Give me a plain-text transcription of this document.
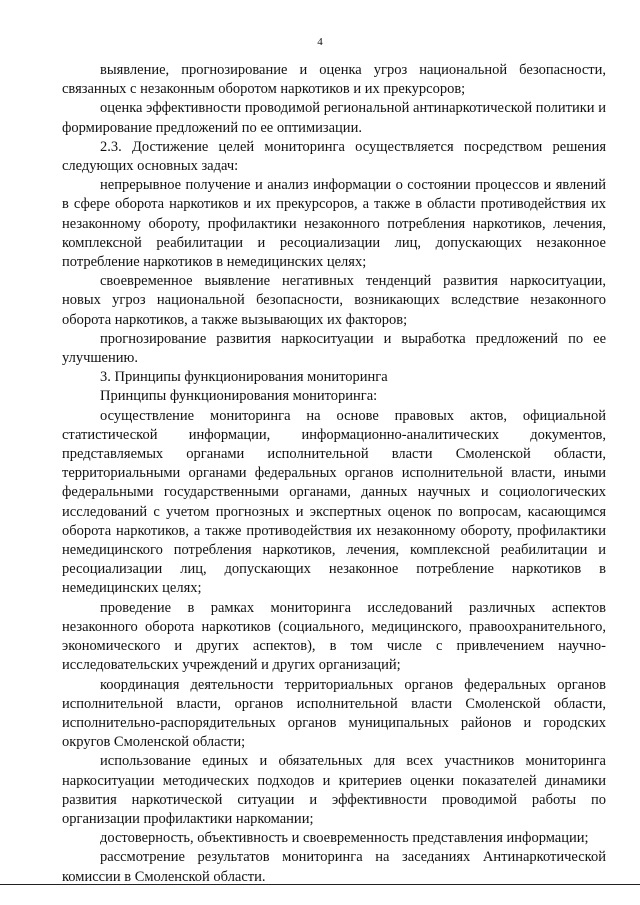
4

выявление, прогнозирование и оценка угроз национальной безопасности, связанных с незаконным оборотом наркотиков и их прекурсоров;

оценка эффективности проводимой региональной антинаркотической политики и формирование предложений по ее оптимизации.

2.3. Достижение целей мониторинга осуществляется посредством решения следующих основных задач:

непрерывное получение и анализ информации о состоянии процессов и явлений в сфере оборота наркотиков и их прекурсоров, а также в области противодействия их незаконному обороту, профилактики незаконного потребления наркотиков, лечения, комплексной реабилитации и ресоциализации лиц, допускающих незаконное потребление наркотиков в немедицинских целях;

своевременное выявление негативных тенденций развития наркоситуации, новых угроз национальной безопасности, возникающих вследствие незаконного оборота наркотиков, а также вызывающих их факторов;

прогнозирование развития наркоситуации и выработка предложений по ее улучшению.

3. Принципы функционирования мониторинга

Принципы функционирования мониторинга:

осуществление мониторинга на основе правовых актов, официальной статистической информации, информационно-аналитических документов, представляемых органами исполнительной власти Смоленской области, территориальными органами федеральных органов исполнительной власти, иными федеральными государственными органами, данных научных и социологических исследований с учетом прогнозных и экспертных оценок по вопросам, касающимся оборота наркотиков, а также противодействия их незаконному обороту, профилактики немедицинского потребления наркотиков, лечения, комплексной реабилитации и ресоциализации лиц, допускающих незаконное потребление наркотиков в немедицинских целях;

проведение в рамках мониторинга исследований различных аспектов незаконного оборота наркотиков (социального, медицинского, правоохранительного, экономического и других аспектов), в том числе с привлечением научно-исследовательских учреждений и других организаций;

координация деятельности территориальных органов федеральных органов исполнительной власти, органов исполнительной власти Смоленской области, исполнительно-распорядительных органов муниципальных районов и городских округов Смоленской области;

использование единых и обязательных для всех участников мониторинга наркоситуации методических подходов и критериев оценки показателей динамики развития наркотической ситуации и эффективности проводимой работы по организации профилактики наркомании;

достоверность, объективность и своевременность представления информации;

рассмотрение результатов мониторинга на заседаниях Антинаркотической комиссии в Смоленской области.
